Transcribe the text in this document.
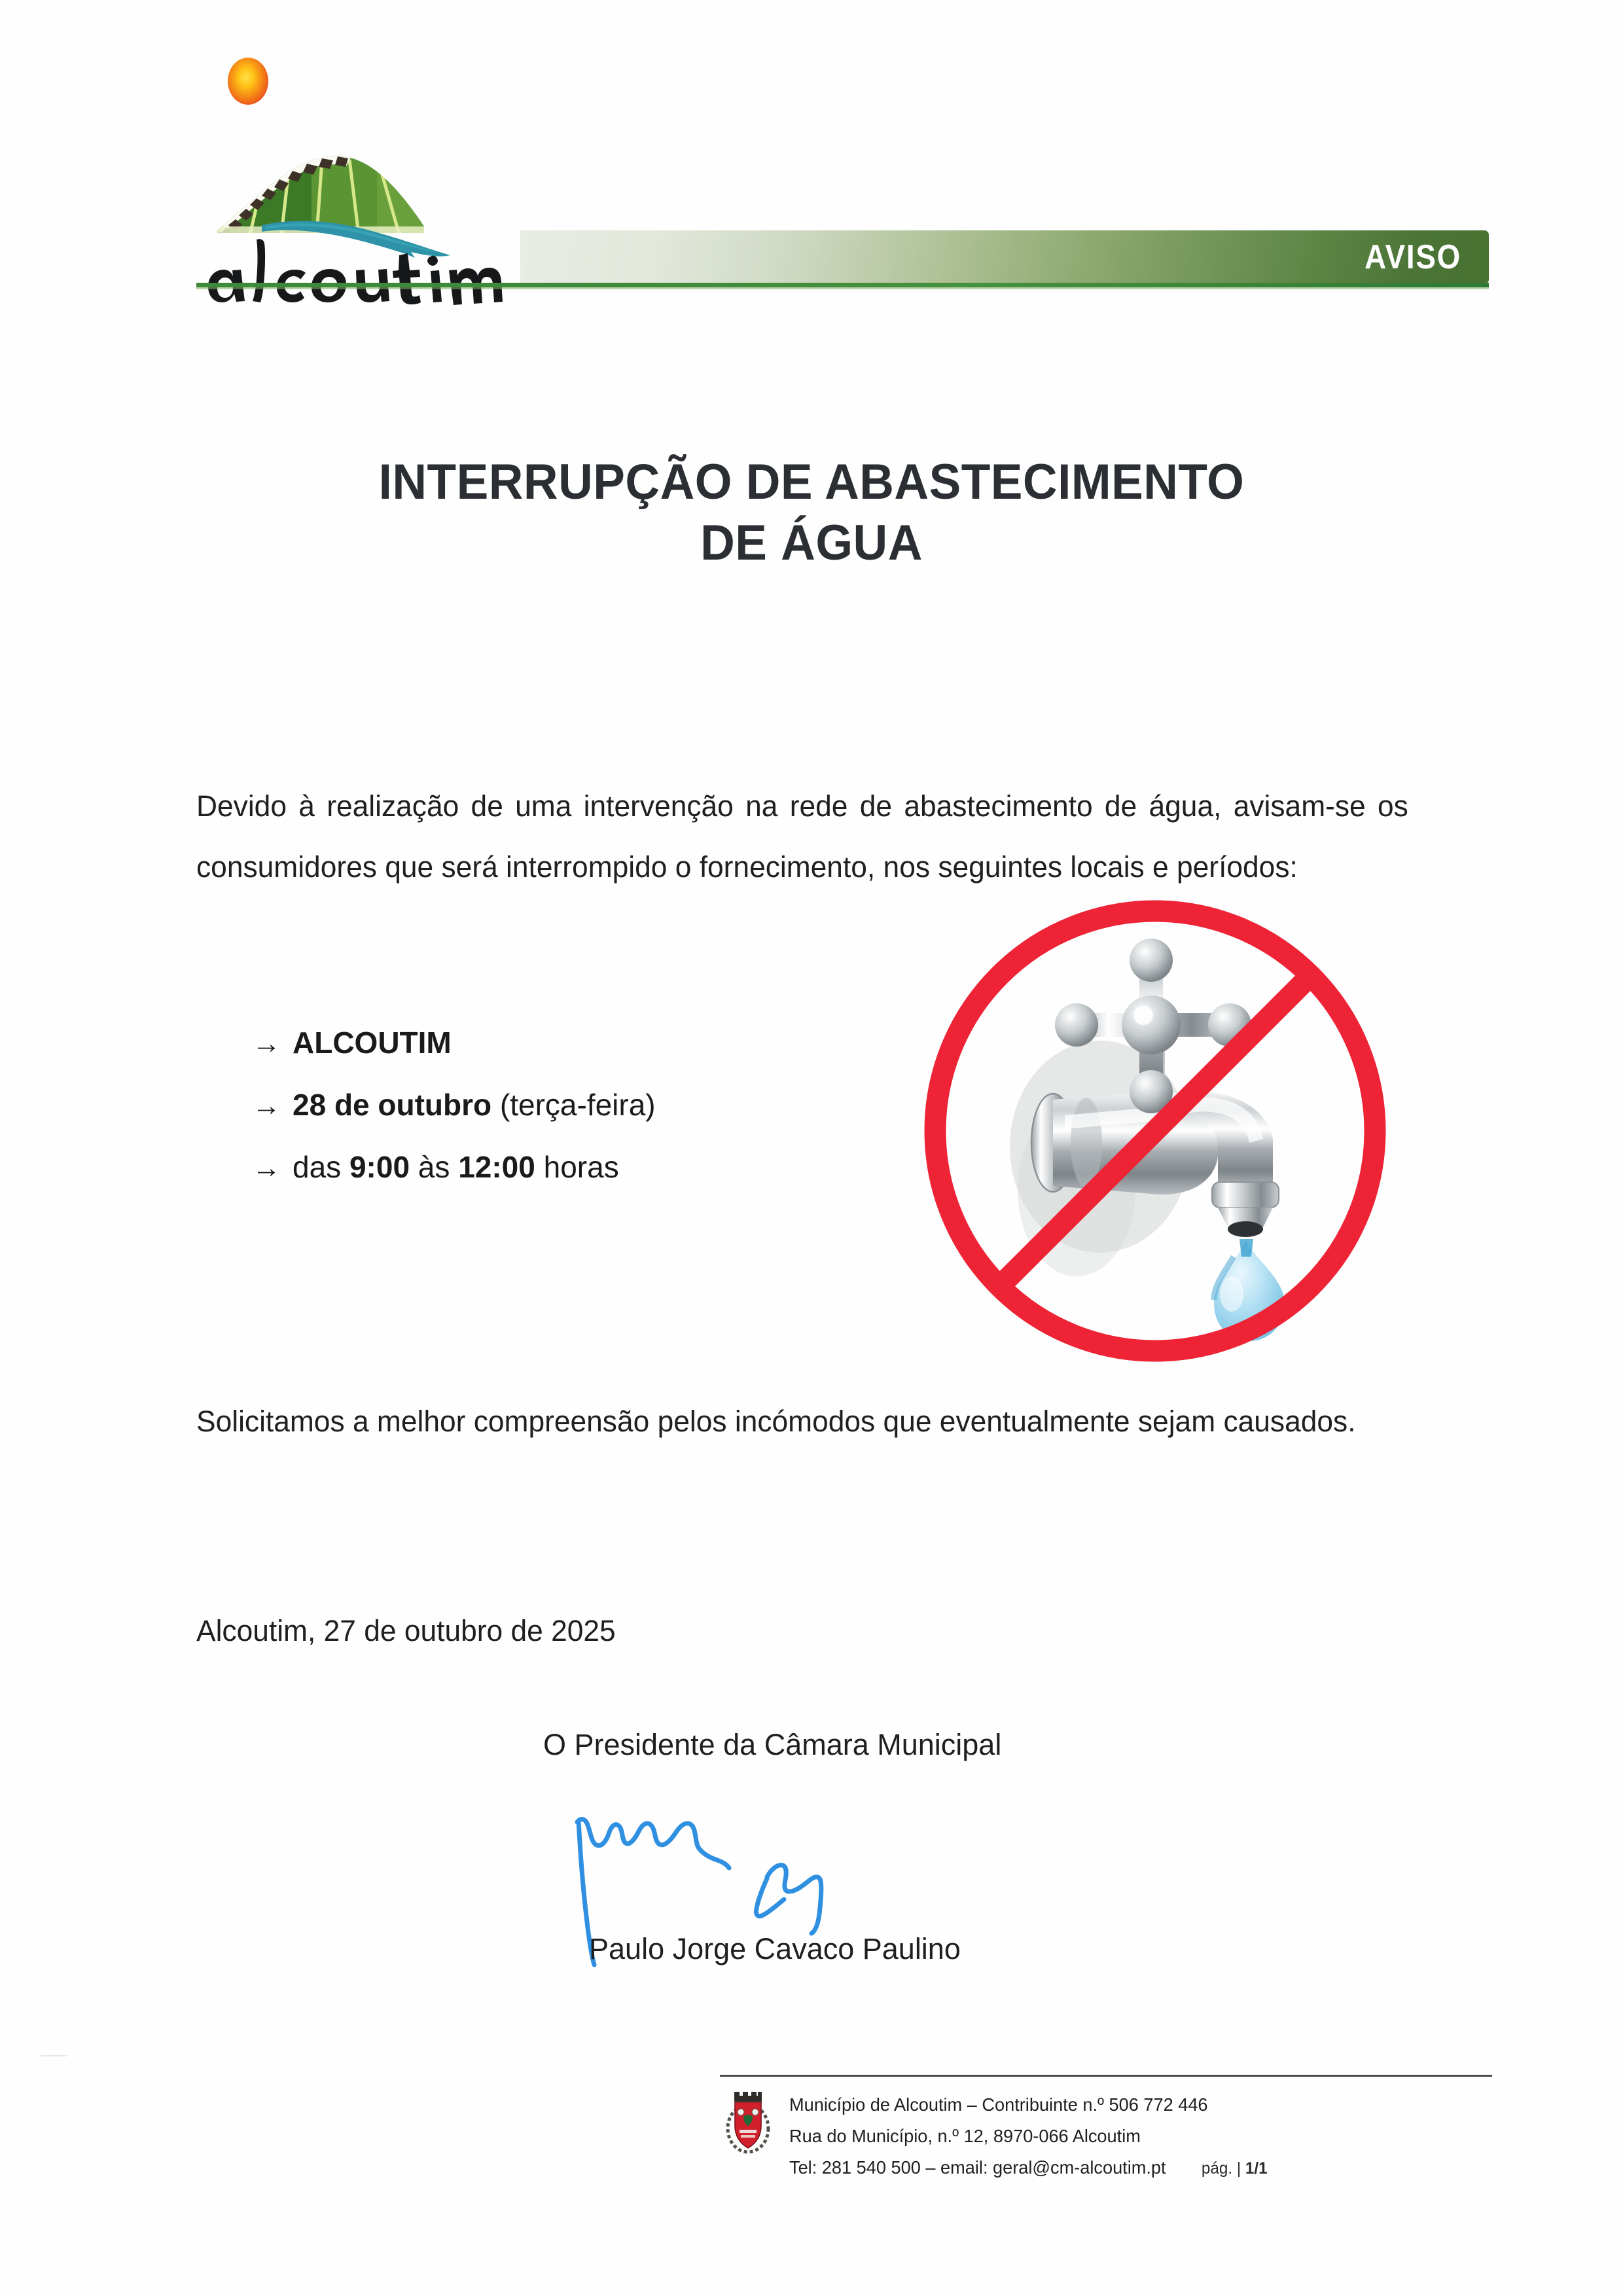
AVISO
INTERRUPÇÃO DE ABASTECIMENTO
DE ÁGUA

Devido à realização de uma intervenção na rede de abastecimento de água, avisam-se os consumidores que será interrompido o fornecimento, nos seguintes locais e períodos:

→ ALCOUTIM
→ 28 de outubro (terça-feira)
→ das 9:00 às 12:00 horas

Solicitamos a melhor compreensão pelos incómodos que eventualmente sejam causados.

Alcoutim, 27 de outubro de 2025

O Presidente da Câmara Municipal
Paulo Jorge Cavaco Paulino
Município de Alcoutim – Contribuinte n.º 506 772 446
Rua do Município, n.º 12, 8970-066 Alcoutim
Tel: 281 540 500 – email: geral@cm-alcoutim.pt pág. | 1/1
